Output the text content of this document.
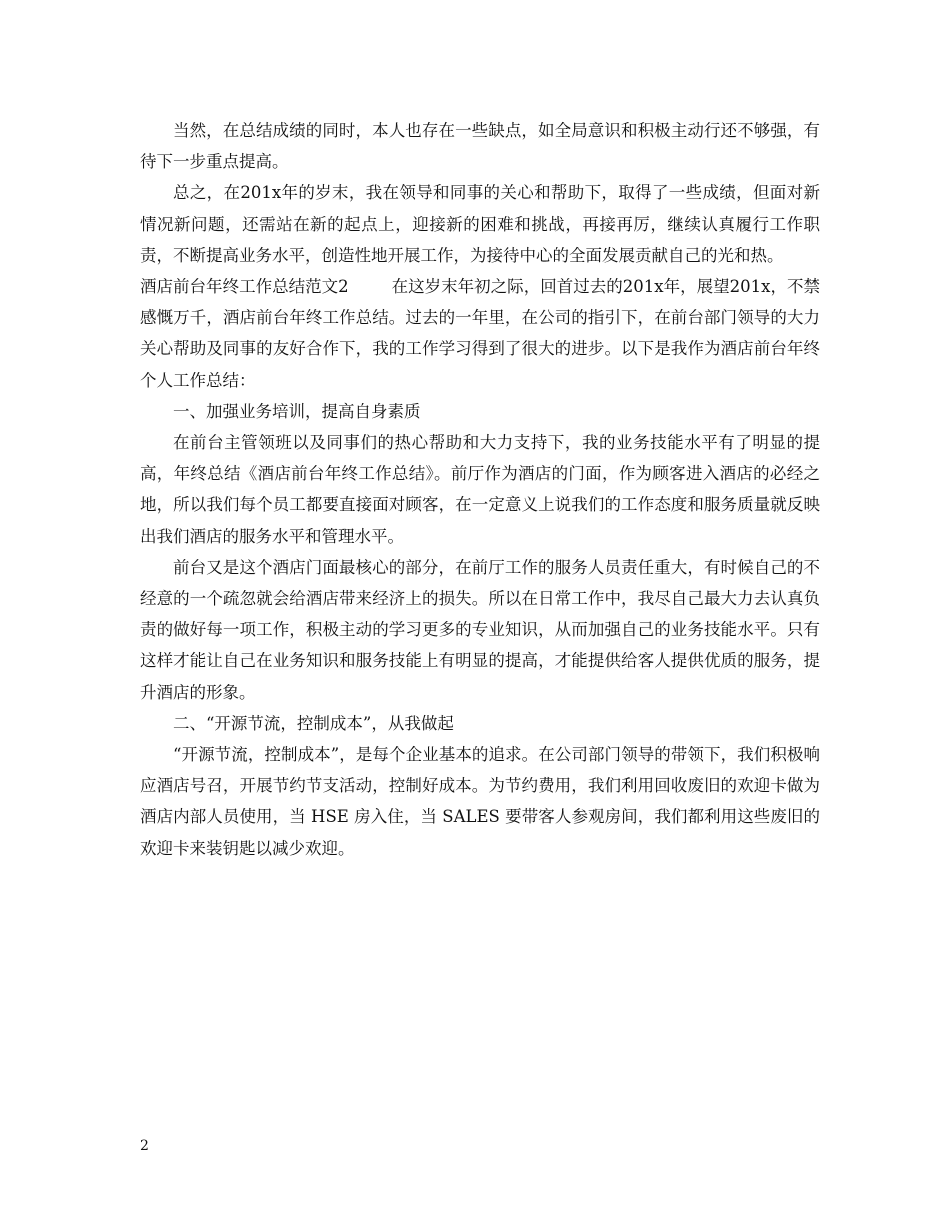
当然，在总结成绩的同时，本人也存在一些缺点，如全局意识和积极主动行还不够强，有待下一步重点提高。

总之，在201x年的岁末，我在领导和同事的关心和帮助下，取得了一些成绩，但面对新情况新问题，还需站在新的起点上，迎接新的困难和挑战，再接再厉，继续认真履行工作职责，不断提高业务水平，创造性地开展工作，为接待中心的全面发展贡献自己的光和热。

酒店前台年终工作总结范文2	在这岁末年初之际，回首过去的201x年，展望201x，不禁感慨万千，酒店前台年终工作总结。过去的一年里，在公司的指引下，在前台部门领导的大力关心帮助及同事的友好合作下，我的工作学习得到了很大的进步。以下是我作为酒店前台年终个人工作总结：

一、加强业务培训，提高自身素质

在前台主管领班以及同事们的热心帮助和大力支持下，我的业务技能水平有了明显的提高，年终总结《酒店前台年终工作总结》。前厅作为酒店的门面，作为顾客进入酒店的必经之地，所以我们每个员工都要直接面对顾客，在一定意义上说我们的工作态度和服务质量就反映出我们酒店的服务水平和管理水平。

前台又是这个酒店门面最核心的部分，在前厅工作的服务人员责任重大，有时候自己的不经意的一个疏忽就会给酒店带来经济上的损失。所以在日常工作中，我尽自己最大力去认真负责的做好每一项工作，积极主动的学习更多的专业知识，从而加强自己的业务技能水平。只有这样才能让自己在业务知识和服务技能上有明显的提高，才能提供给客人提供优质的服务，提升酒店的形象。

二、“开源节流，控制成本”，从我做起

“开源节流，控制成本”，是每个企业基本的追求。在公司部门领导的带领下，我们积极响应酒店号召，开展节约节支活动，控制好成本。为节约费用，我们利用回收废旧的欢迎卡做为酒店内部人员使用，当 HSE 房入住，当 SALES 要带客人参观房间，我们都利用这些废旧的欢迎卡来装钥匙以减少欢迎。

2
